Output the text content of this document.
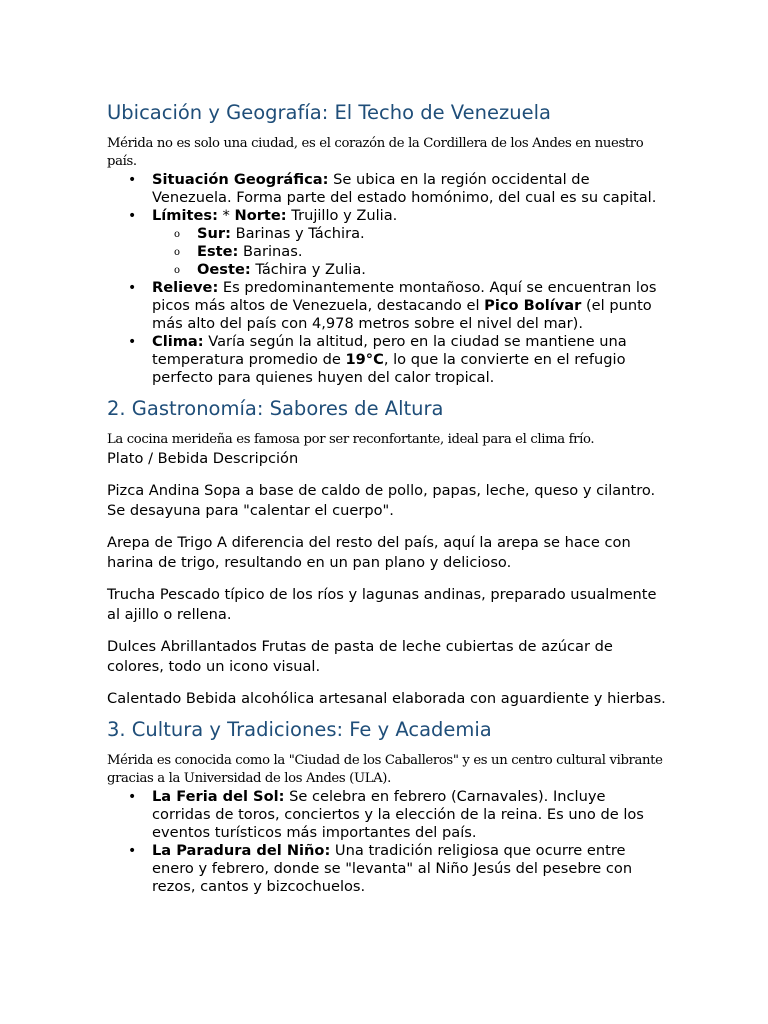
Ubicación y Geografía: El Techo de Venezuela

Mérida no es solo una ciudad, es el corazón de la Cordillera de los Andes en nuestro país.

• Situación Geográfica: Se ubica en la región occidental de Venezuela. Forma parte del estado homónimo, del cual es su capital.
• Límites: * Norte: Trujillo y Zulia.
o Sur: Barinas y Táchira.
o Este: Barinas.
o Oeste: Táchira y Zulia.
• Relieve: Es predominantemente montañoso. Aquí se encuentran los picos más altos de Venezuela, destacando el Pico Bolívar (el punto más alto del país con 4,978 metros sobre el nivel del mar).
• Clima: Varía según la altitud, pero en la ciudad se mantiene una temperatura promedio de 19°C, lo que la convierte en el refugio perfecto para quienes huyen del calor tropical.
2. Gastronomía: Sabores de Altura

La cocina merideña es famosa por ser reconfortante, ideal para el clima frío.

Plato / Bebida Descripción

Pizca Andina Sopa a base de caldo de pollo, papas, leche, queso y cilantro. Se desayuna para "calentar el cuerpo".

Arepa de Trigo A diferencia del resto del país, aquí la arepa se hace con harina de trigo, resultando en un pan plano y delicioso.

Trucha Pescado típico de los ríos y lagunas andinas, preparado usualmente al ajillo o rellena.

Dulces Abrillantados Frutas de pasta de leche cubiertas de azúcar de colores, todo un icono visual.

Calentado Bebida alcohólica artesanal elaborada con aguardiente y hierbas.

3. Cultura y Tradiciones: Fe y Academia

Mérida es conocida como la "Ciudad de los Caballeros" y es un centro cultural vibrante gracias a la Universidad de los Andes (ULA).

• La Feria del Sol: Se celebra en febrero (Carnavales). Incluye corridas de toros, conciertos y la elección de la reina. Es uno de los eventos turísticos más importantes del país.
• La Paradura del Niño: Una tradición religiosa que ocurre entre enero y febrero, donde se "levanta" al Niño Jesús del pesebre con rezos, cantos y bizcochuelos.
